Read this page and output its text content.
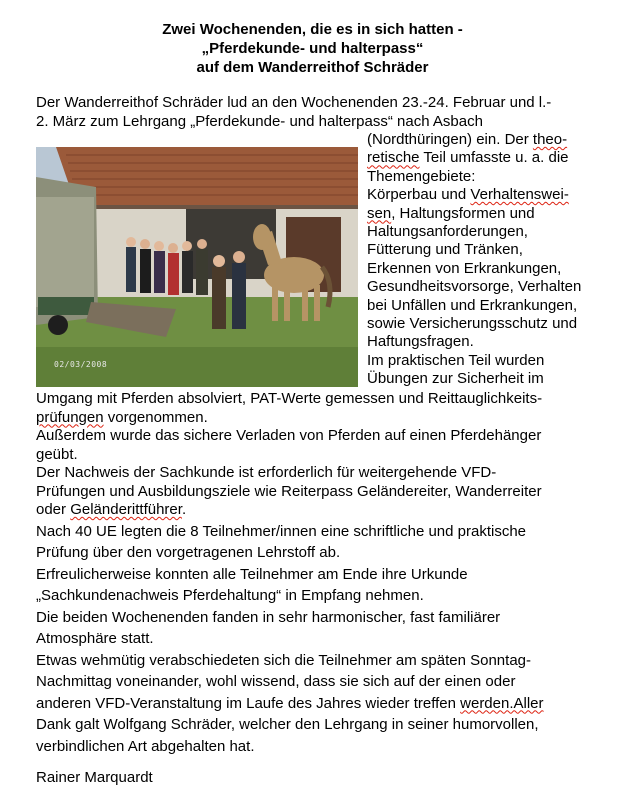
Zwei Wochenenden, die es in sich hatten -
„Pferdekunde- und halterpass“
auf dem Wanderreithof Schräder
Der Wanderreithof Schräder lud an den Wochenenden 23.-24. Februar und l.-
2. März zum Lehrgang „Pferdekunde- und halterpass“ nach Asbach
(Nordthüringen) ein. Der theo-
retische Teil umfasste u. a. die
Themengebiete:
Körperbau und Verhaltenswei-
sen, Haltungsformen und
Haltungsanforderungen,
Fütterung und Tränken,
Erkennen von Erkrankungen,
Gesundheitsvorsorge, Verhalten
bei Unfällen und Erkrankungen,
sowie Versicherungsschutz und
Haftungsfragen.
Im praktischen Teil wurden
Übungen zur Sicherheit im
02/03/2008
Umgang mit Pferden absolviert, PAT-Werte gemessen und Reittauglichkeits-
prüfungen vorgenommen.
Außerdem wurde das sichere Verladen von Pferden auf einen Pferdehänger
geübt.
Der Nachweis der Sachkunde ist erforderlich für weitergehende VFD-
Prüfungen und Ausbildungsziele wie Reiterpass Geländereiter, Wanderreiter
oder Geländerittführer.
Nach 40 UE legten die 8 Teilnehmer/innen eine schriftliche und praktische
Prüfung über den vorgetragenen Lehrstoff ab.
Erfreulicherweise konnten alle Teilnehmer am Ende ihre Urkunde
„Sachkundenachweis Pferdehaltung“ in Empfang nehmen.
Die beiden Wochenenden fanden in sehr harmonischer, fast familiärer
Atmosphäre statt.
Etwas wehmütig verabschiedeten sich die Teilnehmer am späten Sonntag-
Nachmittag voneinander, wohl wissend, dass sie sich auf der einen oder
anderen VFD-Veranstaltung im Laufe des Jahres wieder treffen werden.Aller
Dank galt Wolfgang Schräder, welcher den Lehrgang in seiner humorvollen,
verbindlichen Art abgehalten hat.
Rainer Marquardt
